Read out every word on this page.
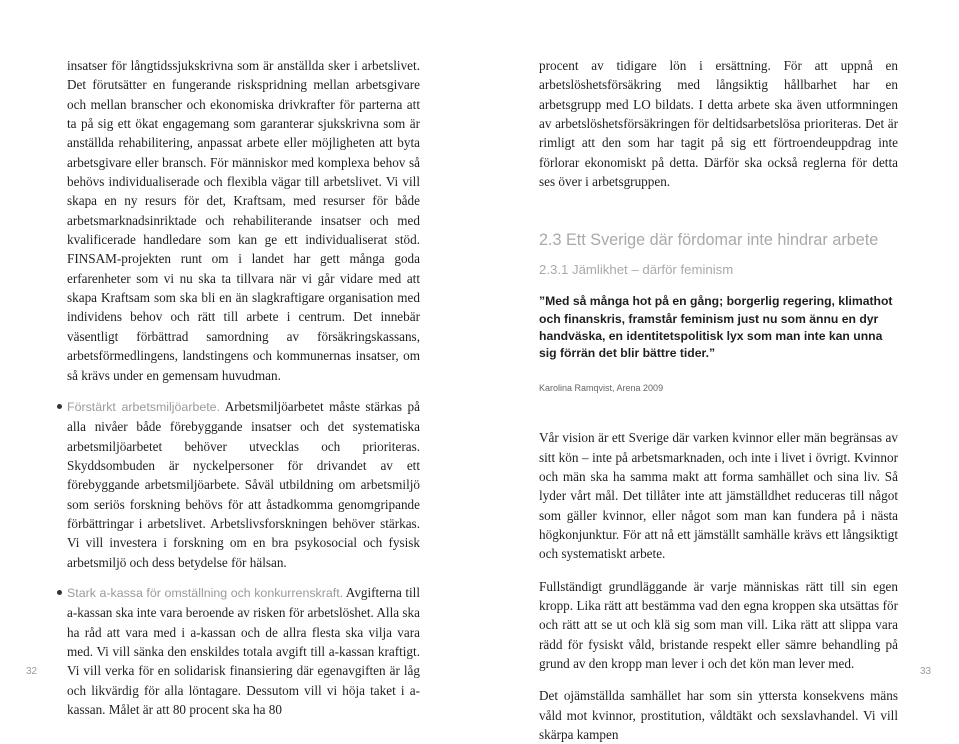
insatser för långtidssjukskrivna som är anställda sker i arbetslivet. Det förutsätter en fungerande riskspridning mellan arbetsgivare och mellan branscher och ekonomiska drivkrafter för parterna att ta på sig ett ökat engagemang som garanterar sjukskrivna som är anställda rehabilitering, anpassat arbete eller möjligheten att byta arbetsgivare eller bransch. För människor med komplexa behov så behövs individualiserade och flexibla vägar till arbetslivet. Vi vill skapa en ny resurs för det, Kraftsam, med resurser för både arbetsmarknadsinriktade och rehabiliterande insatser och med kvalificerade handledare som kan ge ett individualiserat stöd. FINSAM-projekten runt om i landet har gett många goda erfarenheter som vi nu ska ta tillvara när vi går vidare med att skapa Kraftsam som ska bli en än slagkraftigare organisation med individens behov och rätt till arbete i centrum. Det innebär väsentligt förbättrad samordning av försäkringskassans, arbetsförmedlingens, landstingens och kommunernas insatser, om så krävs under en gemensam huvudman.

Förstärkt arbetsmiljöarbete. Arbetsmiljöarbetet måste stärkas på alla nivåer både förebyggande insatser och det systematiska arbetsmiljöarbetet behöver utvecklas och prioriteras. Skyddsombuden är nyckelpersoner för drivandet av ett förebyggande arbetsmiljöarbete. Såväl utbildning om arbetsmiljö som seriös forskning behövs för att åstadkomma genomgripande förbättringar i arbetslivet. Arbetslivsforskningen behöver stärkas. Vi vill investera i forskning om en bra psykosocial och fysisk arbetsmiljö och dess betydelse för hälsan.

Stark a-kassa för omställning och konkurrenskraft. Avgifterna till a-kassan ska inte vara beroende av risken för arbetslöshet. Alla ska ha råd att vara med i a-kassan och de allra flesta ska vilja vara med. Vi vill sänka den enskildes totala avgift till a-kassan kraftigt. Vi vill verka för en solidarisk finansiering där egenavgiften är låg och likvärdig för alla löntagare. Dessutom vill vi höja taket i a-kassan. Målet är att 80 procent ska ha 80

procent av tidigare lön i ersättning. För att uppnå en arbetslöshetsförsäkring med långsiktig hållbarhet har en arbetsgrupp med LO bildats. I detta arbete ska även utformningen av arbetslöshetsförsäkringen för deltidsarbetslösa prioriteras. Det är rimligt att den som har tagit på sig ett förtroendeuppdrag inte förlorar ekonomiskt på detta. Därför ska också reglerna för detta ses över i arbetsgruppen.

2.3 Ett Sverige där fördomar inte hindrar arbete
2.3.1 Jämlikhet – därför feminism

”Med så många hot på en gång; borgerlig regering, klimathot och finanskris, framstår feminism just nu som ännu en dyr handväska, en identitetspolitisk lyx som man inte kan unna sig förrän det blir bättre tider.”

Karolina Ramqvist, Arena 2009

Vår vision är ett Sverige där varken kvinnor eller män begränsas av sitt kön – inte på arbetsmarknaden, och inte i livet i övrigt. Kvinnor och män ska ha samma makt att forma samhället och sina liv. Så lyder vårt mål. Det tillåter inte att jämställdhet reduceras till något som gäller kvinnor, eller något som man kan fundera på i nästa högkonjunktur. För att nå ett jämställt samhälle krävs ett långsiktigt och systematiskt arbete.

Fullständigt grundläggande är varje människas rätt till sin egen kropp. Lika rätt att bestämma vad den egna kroppen ska utsättas för och rätt att se ut och klä sig som man vill. Lika rätt att slippa vara rädd för fysiskt våld, bristande respekt eller sämre behandling på grund av den kropp man lever i och det kön man lever med.

Det ojämställda samhället har som sin yttersta konsekvens mäns våld mot kvinnor, prostitution, våldtäkt och sexslavhandel. Vi vill skärpa kampen

32	33
